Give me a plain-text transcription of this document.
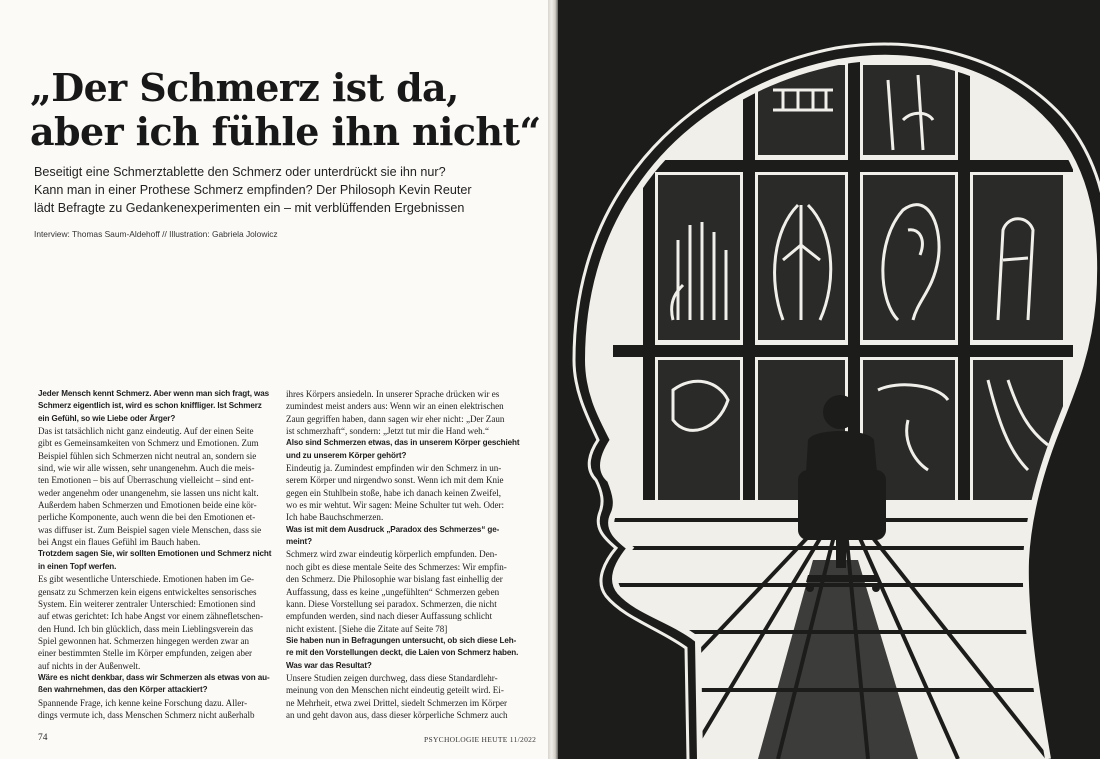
„Der Schmerz ist da,
aber ich fühle ihn nicht“

Beseitigt eine Schmerztablette den Schmerz oder unterdrückt sie ihn nur?
Kann man in einer Prothese Schmerz empfinden? Der Philosoph Kevin Reuter
lädt Befragte zu Gedankenexperimenten ein – mit verblüffenden Ergebnissen

Interview: Thomas Saum-Aldehoff // Illustration: Gabriela Jolowicz

Jeder Mensch kennt Schmerz. Aber wenn man sich fragt, was
Schmerz eigentlich ist, wird es schon kniffliger. Ist Schmerz
ein Gefühl, so wie Liebe oder Ärger?
Das ist tatsächlich nicht ganz eindeutig. Auf der einen Seite
gibt es Gemeinsamkeiten von Schmerz und Emotionen. Zum
Beispiel fühlen sich Schmerzen nicht neutral an, sondern sie
sind, wie wir alle wissen, sehr unangenehm. Auch die meis-
ten Emotionen – bis auf Überraschung vielleicht – sind ent-
weder angenehm oder unangenehm, sie lassen uns nicht kalt.
Außerdem haben Schmerzen und Emotionen beide eine kör-
perliche Komponente, auch wenn die bei den Emotionen et-
was diffuser ist. Zum Beispiel sagen viele Menschen, dass sie
bei Angst ein flaues Gefühl im Bauch haben.
Trotzdem sagen Sie, wir sollten Emotionen und Schmerz nicht
in einen Topf werfen.
Es gibt wesentliche Unterschiede. Emotionen haben im Ge-
gensatz zu Schmerzen kein eigens entwickeltes sensorisches
System. Ein weiterer zentraler Unterschied: Emotionen sind
auf etwas gerichtet: Ich habe Angst vor einem zähnefletschen-
den Hund. Ich bin glücklich, dass mein Lieblingsverein das
Spiel gewonnen hat. Schmerzen hingegen werden zwar an
einer bestimmten Stelle im Körper empfunden, zeigen aber
auf nichts in der Außenwelt.
Wäre es nicht denkbar, dass wir Schmerzen als etwas von au-
ßen wahrnehmen, das den Körper attackiert?
Spannende Frage, ich kenne keine Forschung dazu. Aller-
dings vermute ich, dass Menschen Schmerz nicht außerhalb
ihres Körpers ansiedeln. In unserer Sprache drücken wir es
zumindest meist anders aus: Wenn wir an einen elektrischen
Zaun gegriffen haben, dann sagen wir eher nicht: „Der Zaun
ist schmerzhaft“, sondern: „Jetzt tut mir die Hand weh.“
Also sind Schmerzen etwas, das in unserem Körper geschieht
und zu unserem Körper gehört?
Eindeutig ja. Zumindest empfinden wir den Schmerz in un-
serem Körper und nirgendwo sonst. Wenn ich mit dem Knie
gegen ein Stuhlbein stoße, habe ich danach keinen Zweifel,
wo es mir wehtut. Wir sagen: Meine Schulter tut weh. Oder:
Ich habe Bauchschmerzen.
Was ist mit dem Ausdruck „Paradox des Schmerzes“ ge-
meint?
Schmerz wird zwar eindeutig körperlich empfunden. Den-
noch gibt es diese mentale Seite des Schmerzes: Wir empfin-
den Schmerz. Die Philosophie war bislang fast einhellig der
Auffassung, dass es keine „ungefühlten“ Schmerzen geben
kann. Diese Vorstellung sei paradox. Schmerzen, die nicht
empfunden werden, sind nach dieser Auffassung schlicht
nicht existent. [Siehe die Zitate auf Seite 78]
Sie haben nun in Befragungen untersucht, ob sich diese Leh-
re mit den Vorstellungen deckt, die Laien von Schmerz haben.
Was war das Resultat?
Unsere Studien zeigen durchweg, dass diese Standardlehr-
meinung von den Menschen nicht eindeutig geteilt wird. Ei-
ne Mehrheit, etwa zwei Drittel, siedelt Schmerzen im Körper
an und geht davon aus, dass dieser körperliche Schmerz auch
74	PSYCHOLOGIE HEUTE 11/2022
